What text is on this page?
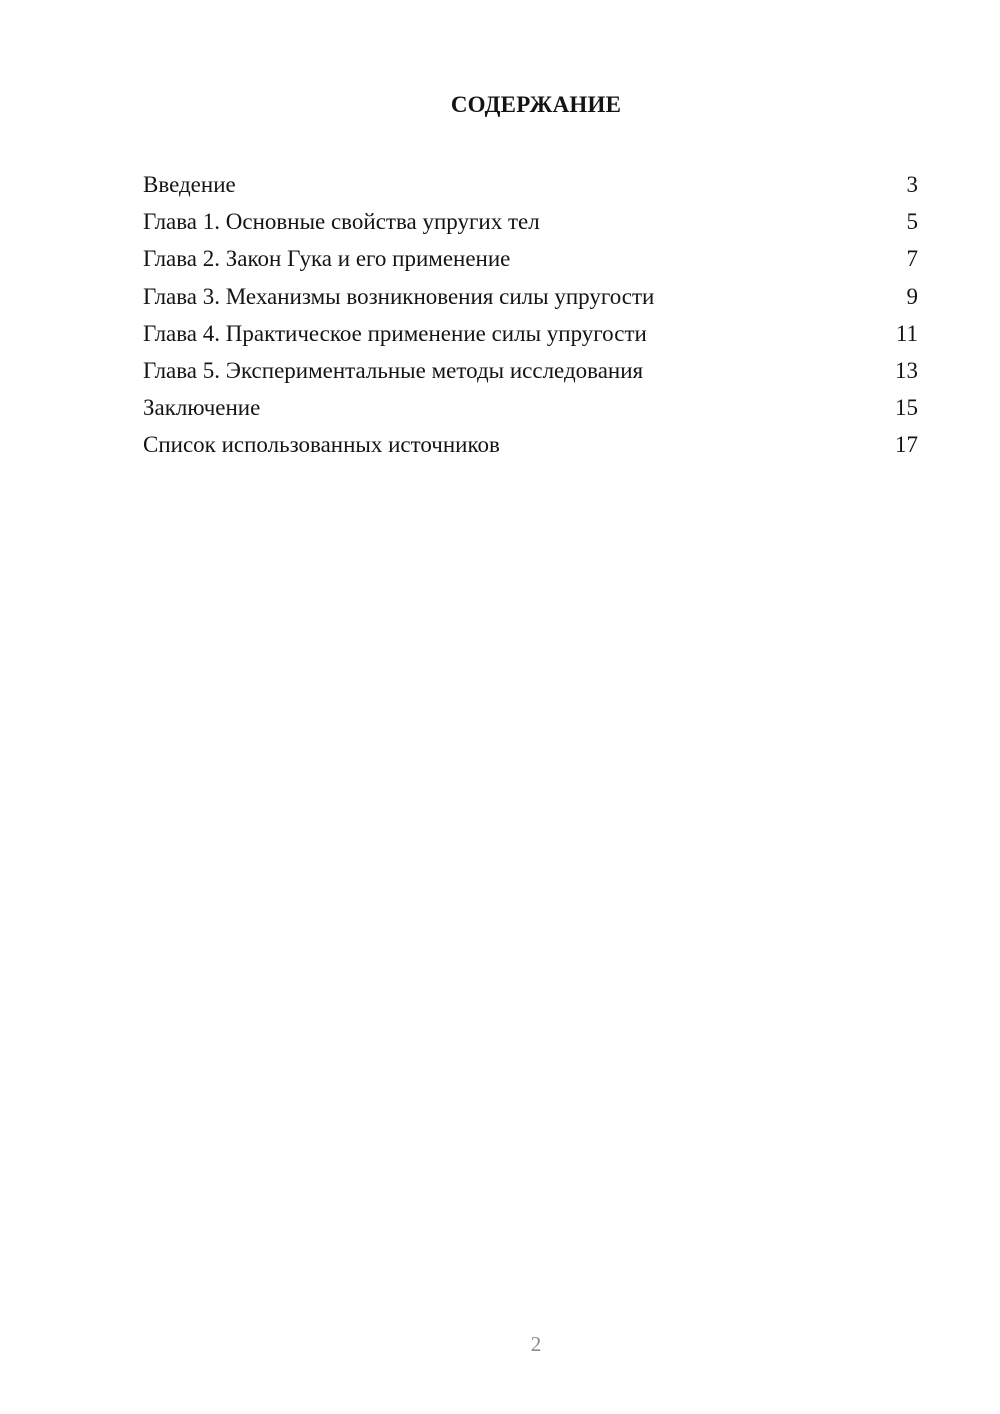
СОДЕРЖАНИЕ
Введение	3
Глава 1. Основные свойства упругих тел	5
Глава 2. Закон Гука и его применение	7
Глава 3. Механизмы возникновения силы упругости	9
Глава 4. Практическое применение силы упругости	11
Глава 5. Экспериментальные методы исследования	13
Заключение	15
Список использованных источников	17
2
